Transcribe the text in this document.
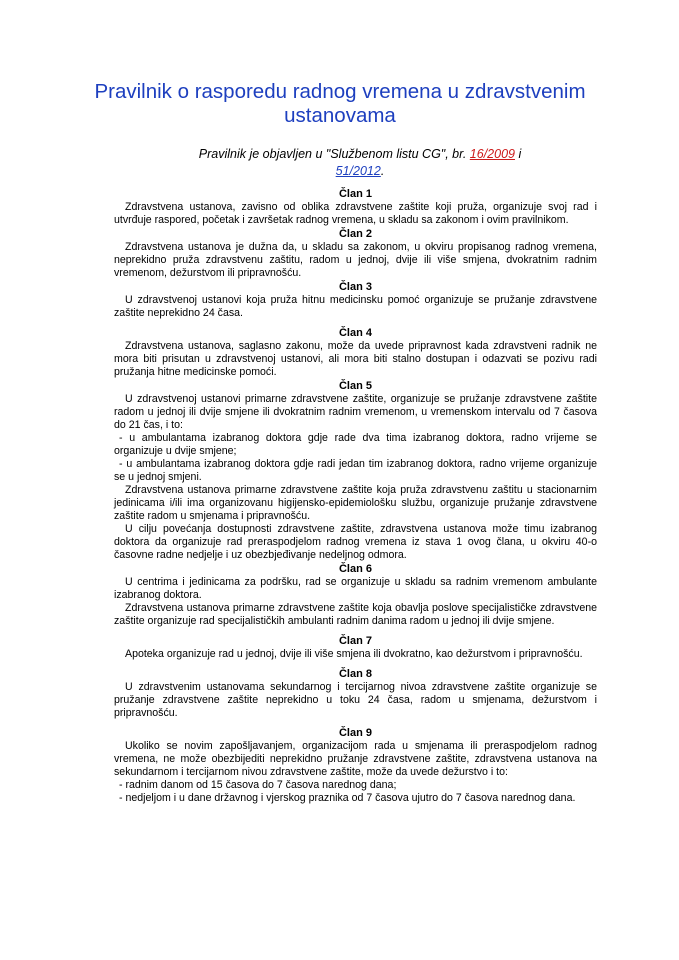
Pravilnik o rasporedu radnog vremena u zdravstvenim ustanovama
Pravilnik je objavljen u "Službenom listu CG", br. 16/2009 i
51/2012.
Član 1

Zdravstvena ustanova, zavisno od oblika zdravstvene zaštite koji pruža, organizuje svoj rad i utvrđuje raspored, početak i završetak radnog vremena, u skladu sa zakonom i ovim pravilnikom.

Član 2

Zdravstvena ustanova je dužna da, u skladu sa zakonom, u okviru propisanog radnog vremena, neprekidno pruža zdravstvenu zaštitu, radom u jednoj, dvije ili više smjena, dvokratnim radnim vremenom, dežurstvom ili pripravnošću.

Član 3

U zdravstvenoj ustanovi koja pruža hitnu medicinsku pomoć organizuje se pružanje zdravstvene zaštite neprekidno 24 časa.

Član 4

Zdravstvena ustanova, saglasno zakonu, može da uvede pripravnost kada zdravstveni radnik ne mora biti prisutan u zdravstvenoj ustanovi, ali mora biti stalno dostupan i odazvati se pozivu radi pružanja hitne medicinske pomoći.

Član 5

U zdravstvenoj ustanovi primarne zdravstvene zaštite, organizuje se pružanje zdravstvene zaštite radom u jednoj ili dvije smjene ili dvokratnim radnim vremenom, u vremenskom intervalu od 7 časova do 21 čas, i to:

- u ambulantama izabranog doktora gdje rade dva tima izabranog doktora, radno vrijeme se organizuje u dvije smjene;

- u ambulantama izabranog doktora gdje radi jedan tim izabranog doktora, radno vrijeme organizuje se u jednoj smjeni.

Zdravstvena ustanova primarne zdravstvene zaštite koja pruža zdravstvenu zaštitu u stacionarnim jedinicama i/ili ima organizovanu higijensko-epidemiološku službu, organizuje pružanje zdravstvene zaštite radom u smjenama i pripravnošću.

U cilju povećanja dostupnosti zdravstvene zaštite, zdravstvena ustanova može timu izabranog doktora da organizuje rad preraspodjelom radnog vremena iz stava 1 ovog člana, u okviru 40-o časovne radne nedjelje i uz obezbjeđivanje nedeljnog odmora.

Član 6

U centrima i jedinicama za podršku, rad se organizuje u skladu sa radnim vremenom ambulante izabranog doktora.

Zdravstvena ustanova primarne zdravstvene zaštite koja obavlja poslove specijalističke zdravstvene zaštite organizuje rad specijalističkih ambulanti radnim danima radom u jednoj ili dvije smjene.

Član 7

Apoteka organizuje rad u jednoj, dvije ili više smjena ili dvokratno, kao dežurstvom i pripravnošću.

Član 8

U zdravstvenim ustanovama sekundarnog i tercijarnog nivoa zdravstvene zaštite organizuje se pružanje zdravstvene zaštite neprekidno u toku 24 časa, radom u smjenama, dežurstvom i pripravnošću.

Član 9

Ukoliko se novim zapošljavanjem, organizacijom rada u smjenama ili preraspodjelom radnog vremena, ne može obezbijediti neprekidno pružanje zdravstvene zaštite, zdravstvena ustanova na sekundarnom i tercijarnom nivou zdravstvene zaštite, može da uvede dežurstvo i to:

- radnim danom od 15 časova do 7 časova narednog dana;

- nedjeljom i u dane državnog i vjerskog praznika od 7 časova ujutro do 7 časova narednog dana.
